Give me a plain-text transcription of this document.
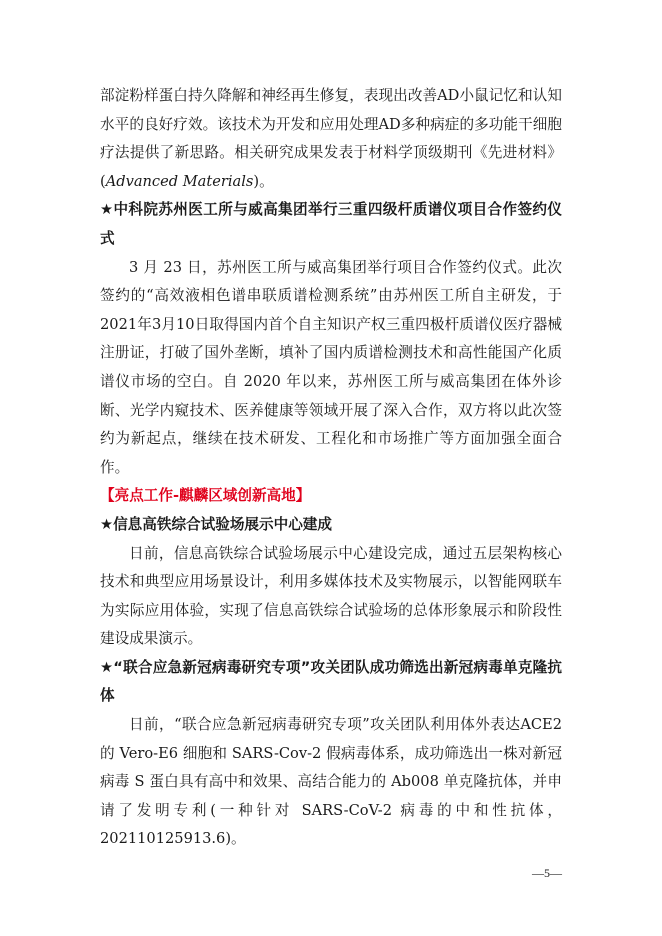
部淀粉样蛋白持久降解和神经再生修复，表现出改善AD小鼠记忆和认知水平的良好疗效。该技术为开发和应用处理AD多种病症的多功能干细胞疗法提供了新思路。相关研究成果发表于材料学顶级期刊《先进材料》(Advanced Materials)。

★中科院苏州医工所与威高集团举行三重四级杆质谱仪项目合作签约仪式

3 月 23 日，苏州医工所与威高集团举行项目合作签约仪式。此次签约的“高效液相色谱串联质谱检测系统”由苏州医工所自主研发，于2021年3月10日取得国内首个自主知识产权三重四极杆质谱仪医疗器械注册证，打破了国外垄断，填补了国内质谱检测技术和高性能国产化质谱仪市场的空白。自 2020 年以来，苏州医工所与威高集团在体外诊断、光学内窥技术、医养健康等领域开展了深入合作，双方将以此次签约为新起点，继续在技术研发、工程化和市场推广等方面加强全面合作。

【亮点工作-麒麟区域创新高地】

★信息高铁综合试验场展示中心建成

日前，信息高铁综合试验场展示中心建设完成，通过五层架构核心技术和典型应用场景设计，利用多媒体技术及实物展示，以智能网联车为实际应用体验，实现了信息高铁综合试验场的总体形象展示和阶段性建设成果演示。

★“联合应急新冠病毒研究专项”攻关团队成功筛选出新冠病毒单克隆抗体

日前，“联合应急新冠病毒研究专项”攻关团队利用体外表达ACE2的 Vero-E6 细胞和 SARS-Cov-2 假病毒体系，成功筛选出一株对新冠病毒 S 蛋白具有高中和效果、高结合能力的 Ab008 单克隆抗体，并申请了发明专利(一种针对 SARS-CoV-2 病毒的中和性抗体，202110125913.6)。

—5—
